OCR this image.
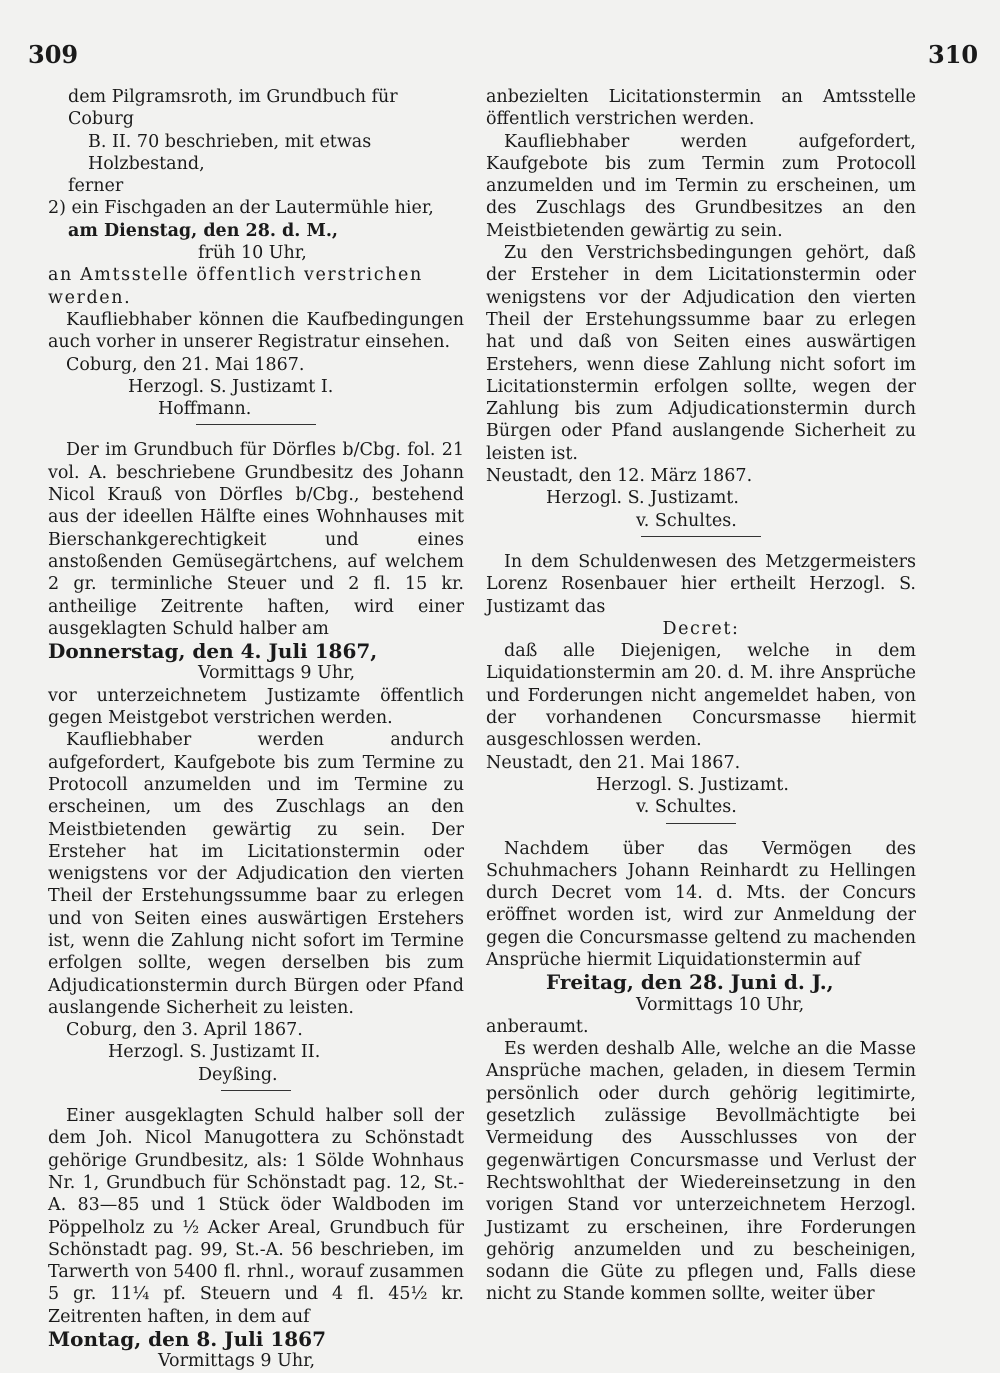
309	310

dem Pilgramsroth, im Grundbuch für Coburg

B. II. 70 beschrieben, mit etwas Holzbestand,

ferner

2) ein Fischgaden an der Lautermühle hier,

am Dienstag, den 28. d. M.,

früh 10 Uhr,

an Amtsstelle öffentlich verstrichen werden.

Kaufliebhaber können die Kaufbedingungen auch vorher in unserer Registratur einsehen.

Coburg, den 21. Mai 1867.

Herzogl. S. Justizamt I.

Hoffmann.

Der im Grundbuch für Dörfles b/Cbg. fol. 21 vol. A. beschriebene Grundbesitz des Johann Nicol Krauß von Dörfles b/Cbg., bestehend aus der ideellen Hälfte eines Wohnhauses mit Bierschankgerechtigkeit und eines anstoßenden Gemüsegärtchens, auf welchem 2 gr. terminliche Steuer und 2 fl. 15 kr. antheilige Zeitrente haften, wird einer ausgeklagten Schuld halber am

Donnerstag, den 4. Juli 1867,

Vormittags 9 Uhr,

vor unterzeichnetem Justizamte öffentlich gegen Meistgebot verstrichen werden.

Kaufliebhaber werden andurch aufgefordert, Kaufgebote bis zum Termine zu Protocoll anzumelden und im Termine zu erscheinen, um des Zuschlags an den Meistbietenden gewärtig zu sein. Der Ersteher hat im Licitationstermin oder wenigstens vor der Adjudication den vierten Theil der Erstehungssumme baar zu erlegen und von Seiten eines auswärtigen Erstehers ist, wenn die Zahlung nicht sofort im Termine erfolgen sollte, wegen derselben bis zum Adjudicationstermin durch Bürgen oder Pfand auslangende Sicherheit zu leisten.

Coburg, den 3. April 1867.

Herzogl. S. Justizamt II.

Deyßing.

Einer ausgeklagten Schuld halber soll der dem Joh. Nicol Manugottera zu Schönstadt gehörige Grundbesitz, als: 1 Sölde Wohnhaus Nr. 1, Grundbuch für Schönstadt pag. 12, St.-A. 83—85 und 1 Stück öder Waldboden im Pöppelholz zu ½ Acker Areal, Grundbuch für Schönstadt pag. 99, St.-A. 56 beschrieben, im Tarwerth von 5400 fl. rhnl., worauf zusammen 5 gr. 11¼ pf. Steuern und 4 fl. 45½ kr. Zeitrenten haften, in dem auf

Montag, den 8. Juli 1867

Vormittags 9 Uhr,

anbezielten Licitationstermin an Amtsstelle öffentlich verstrichen werden.

Kaufliebhaber werden aufgefordert, Kaufgebote bis zum Termin zum Protocoll anzumelden und im Termin zu erscheinen, um des Zuschlags des Grundbesitzes an den Meistbietenden gewärtig zu sein.

Zu den Verstrichsbedingungen gehört, daß der Ersteher in dem Licitationstermin oder wenigstens vor der Adjudication den vierten Theil der Erstehungssumme baar zu erlegen hat und daß von Seiten eines auswärtigen Erstehers, wenn diese Zahlung nicht sofort im Licitationstermin erfolgen sollte, wegen der Zahlung bis zum Adjudicationstermin durch Bürgen oder Pfand auslangende Sicherheit zu leisten ist.

Neustadt, den 12. März 1867.

Herzogl. S. Justizamt.

v. Schultes.

In dem Schuldenwesen des Metzgermeisters Lorenz Rosenbauer hier ertheilt Herzogl. S. Justizamt das

Decret:

daß alle Diejenigen, welche in dem Liquidationstermin am 20. d. M. ihre Ansprüche und Forderungen nicht angemeldet haben, von der vorhandenen Concursmasse hiermit ausgeschlossen werden.

Neustadt, den 21. Mai 1867.

Herzogl. S. Justizamt.

v. Schultes.

Nachdem über das Vermögen des Schuhmachers Johann Reinhardt zu Hellingen durch Decret vom 14. d. Mts. der Concurs eröffnet worden ist, wird zur Anmeldung der gegen die Concursmasse geltend zu machenden Ansprüche hiermit Liquidationstermin auf

Freitag, den 28. Juni d. J.,

Vormittags 10 Uhr,

anberaumt.

Es werden deshalb Alle, welche an die Masse Ansprüche machen, geladen, in diesem Termin persönlich oder durch gehörig legitimirte, gesetzlich zulässige Bevollmächtigte bei Vermeidung des Ausschlusses von der gegenwärtigen Concursmasse und Verlust der Rechtswohlthat der Wiedereinsetzung in den vorigen Stand vor unterzeichnetem Herzogl. Justizamt zu erscheinen, ihre Forderungen gehörig anzumelden und zu bescheinigen, sodann die Güte zu pflegen und, Falls diese nicht zu Stande kommen sollte, weiter über
